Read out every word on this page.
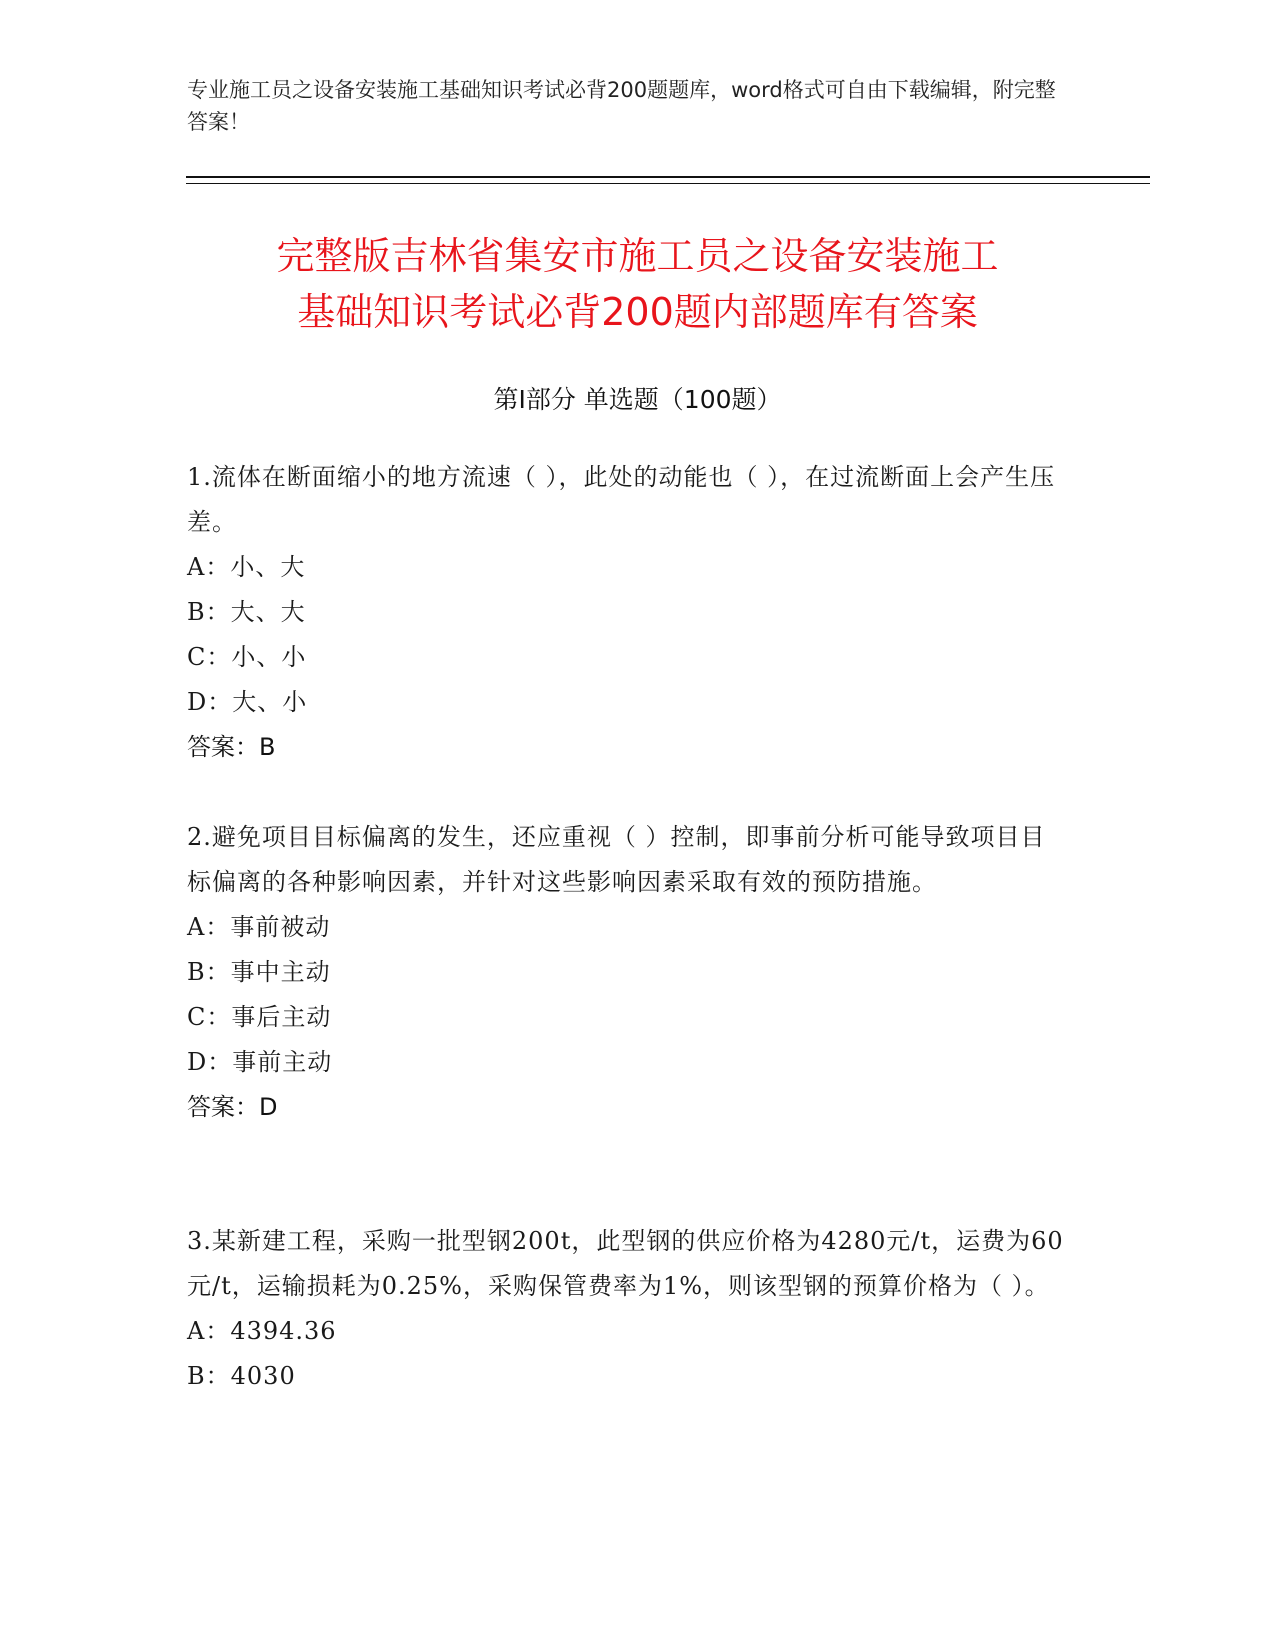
专业施工员之设备安装施工基础知识考试必背200题题库，word格式可自由下载编辑，附完整答案！
完整版吉林省集安市施工员之设备安装施工
基础知识考试必背200题内部题库有答案
第Ⅰ部分 单选题（100题）

1.流体在断面缩小的地方流速（ ），此处的动能也（ ），在过流断面上会产生压差。

A：小、大

B：大、大

C：小、小

D：大、小

答案：B

2.避免项目目标偏离的发生，还应重视（ ）控制，即事前分析可能导致项目目标偏离的各种影响因素，并针对这些影响因素采取有效的预防措施。

A：事前被动

B：事中主动

C：事后主动

D：事前主动

答案：D

3.某新建工程，采购一批型钢200t，此型钢的供应价格为4280元/t，运费为60元/t，运输损耗为0.25%，采购保管费率为1%，则该型钢的预算价格为（ ）。

A：4394.36

B：4030
